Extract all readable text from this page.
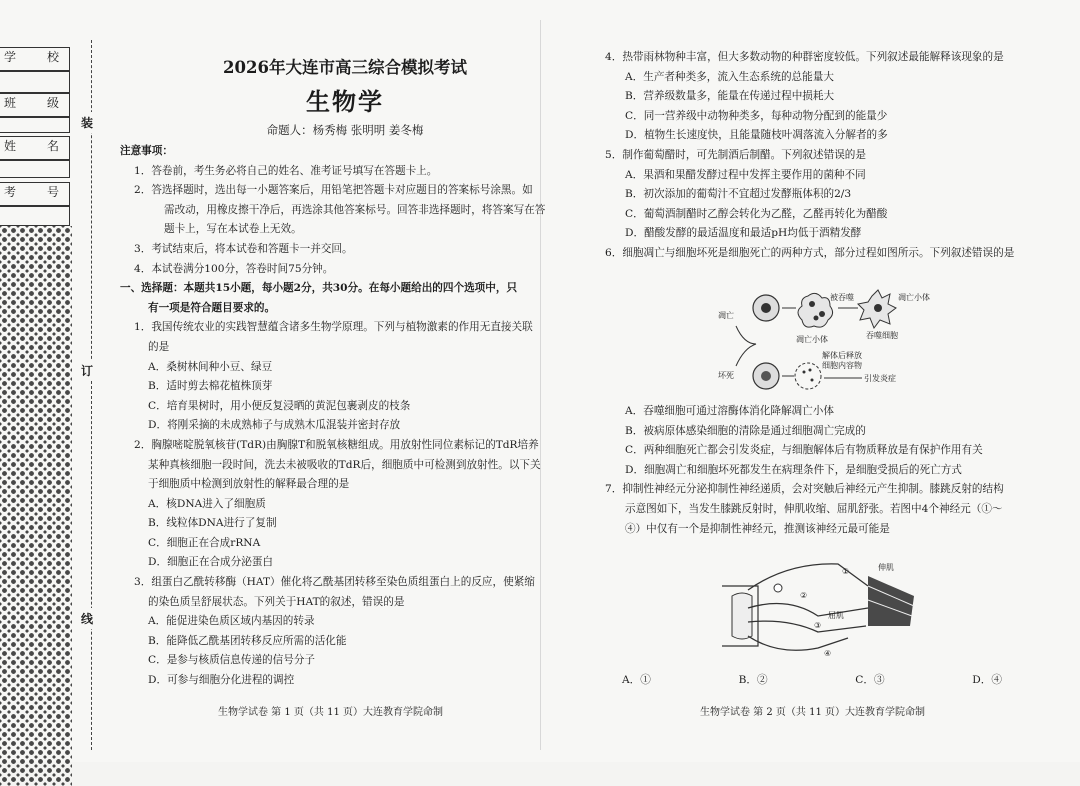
学	校
班	级
姓	名
考	号
装
订
线
2026年大连市高三综合模拟考试
生物学
命题人：杨秀梅 张明明 姜冬梅

注意事项：

1．答卷前，考生务必将自己的姓名、准考证号填写在答题卡上。

2．答选择题时，选出每一小题答案后，用铅笔把答题卡对应题目的答案标号涂黑。如

需改动，用橡皮擦干净后，再选涂其他答案标号。回答非选择题时，将答案写在答

题卡上，写在本试卷上无效。

3．考试结束后，将本试卷和答题卡一并交回。

4．本试卷满分100分，答卷时间75分钟。

一、选择题：本题共15小题，每小题2分，共30分。在每小题给出的四个选项中，只

有一项是符合题目要求的。

1．我国传统农业的实践智慧蕴含诸多生物学原理。下列与植物激素的作用无直接关联

的是

A．桑树林间种小豆、绿豆

B．适时剪去棉花植株顶芽

C．培育果树时，用小便反复浸晒的黄泥包裹剥皮的枝条

D．将刚采摘的未成熟柿子与成熟木瓜混装并密封存放

2．胸腺嘧啶脱氧核苷(TdR)由胸腺T和脱氧核糖组成。用放射性同位素标记的TdR培养

某种真核细胞一段时间，洗去未被吸收的TdR后，细胞质中可检测到放射性。以下关

于细胞质中检测到放射性的解释最合理的是

A．核DNA进入了细胞质

B．线粒体DNA进行了复制

C．细胞正在合成rRNA

D．细胞正在合成分泌蛋白

3．组蛋白乙酰转移酶（HAT）催化将乙酰基团转移至染色质组蛋白上的反应，使紧缩

的染色质呈舒展状态。下列关于HAT的叙述，错误的是

A．能促进染色质区域内基因的转录

B．能降低乙酰基团转移反应所需的活化能

C．是参与核质信息传递的信号分子

D．可参与细胞分化进程的调控

生物学试卷 第 1 页（共 11 页）大连教育学院命制

4．热带雨林物种丰富，但大多数动物的种群密度较低。下列叙述最能解释该现象的是

A．生产者种类多，流入生态系统的总能量大

B．营养级数量多，能量在传递过程中损耗大

C．同一营养级中动物种类多，每种动物分配到的能量少

D．植物生长速度快，且能量随枝叶凋落流入分解者的多

5．制作葡萄醋时，可先制酒后制醋。下列叙述错误的是

A．果酒和果醋发酵过程中发挥主要作用的菌种不同

B．初次添加的葡萄汁不宜超过发酵瓶体积的2/3

C．葡萄酒制醋时乙醇会转化为乙醛，乙醛再转化为醋酸

D．醋酸发酵的最适温度和最适pH均低于酒精发酵

6．细胞凋亡与细胞坏死是细胞死亡的两种方式，部分过程如图所示。下列叙述错误的是

凋亡
坏死
凋亡小体
被吞噬	凋亡小体
吞噬细胞
解体后释放
细胞内容物
引发炎症

A．吞噬细胞可通过溶酶体消化降解凋亡小体

B．被病原体感染细胞的清除是通过细胞凋亡完成的

C．两种细胞死亡都会引发炎症，与细胞解体后有物质释放是有保护作用有关

D．细胞凋亡和细胞坏死都发生在病理条件下，是细胞受损后的死亡方式

7．抑制性神经元分泌抑制性神经递质，会对突触后神经元产生抑制。膝跳反射的结构

示意图如下，当发生膝跳反射时，伸肌收缩、屈肌舒张。若图中4个神经元（①～

④）中仅有一个是抑制性神经元，推测该神经元最可能是

①
②
③
④
伸肌
屈肌
A．①	B．②	C．③	D．④
生物学试卷 第 2 页（共 11 页）大连教育学院命制
